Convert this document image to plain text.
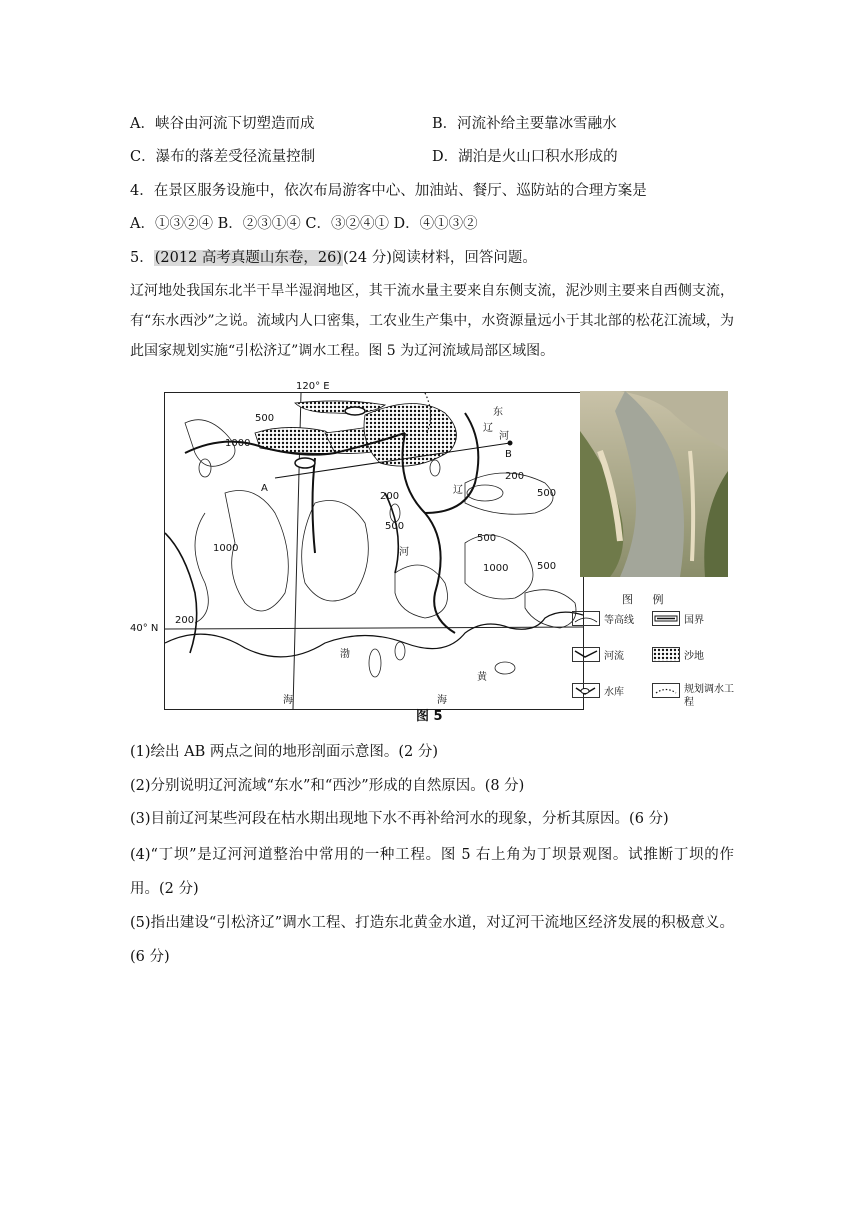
A．峡谷由河流下切塑造而成	B．河流补给主要靠冰雪融水
C．瀑布的落差受径流量控制	D．湖泊是火山口积水形成的
4．在景区服务设施中，依次布局游客中心、加油站、餐厅、巡防站的合理方案是
A．①③②④ B．②③①④ C．③②④① D．④①③②
5．(2012 高考真题山东卷，26)(24 分)阅读材料，回答问题。
辽河地处我国东北半干旱半湿润地区，其干流水量主要来自东侧支流，泥沙则主要来自西侧支流，有“东水西沙”之说。流域内人口密集，工农业生产集中，水资源量远小于其北部的松花江流域，为此国家规划实施“引松济辽”调水工程。图 5 为辽河流域局部区域图。
40° N
500
1000
1000
200
500
200
500
500
1000	500
200
A
B
辽
东
河
辽
河
渤
海
黄
海
120° E
图 例
等高线	国界
河流	沙地
水库	规划调水工程
图 5
(1)绘出 AB 两点之间的地形剖面示意图。(2 分)
(2)分别说明辽河流域“东水”和“西沙”形成的自然原因。(8 分)
(3)目前辽河某些河段在枯水期出现地下水不再补给河水的现象，分析其原因。(6 分)
(4)“丁坝”是辽河河道整治中常用的一种工程。图 5 右上角为丁坝景观图。试推断丁坝的作用。(2 分)
(5)指出建设“引松济辽”调水工程、打造东北黄金水道，对辽河干流地区经济发展的积极意义。(6 分)
